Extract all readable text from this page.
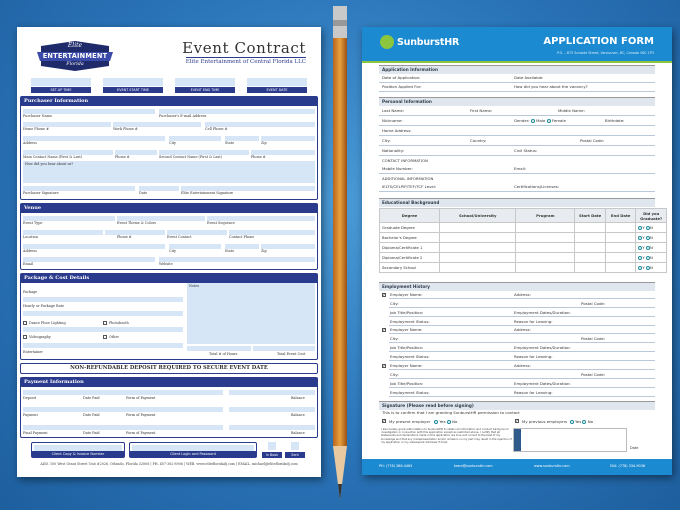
Elite
ENTERTAINMENT
Florida
Event Contract
Elite Entertainment of Central Florida LLC
SET-UP TIME	EVENT START TIME	EVENT END TIME	EVENT DATE
Purchaser Information
Purchaser Name	Purchaser's E-mail Address
Home Phone #	Work Phone #	Cell Phone #
Address	City	State	Zip
Main Contact Name (First & Last)	Phone #	Second Contact Name (First & Last)	Phone #
How did you hear about us?
Purchaser Signature	Date	Elite Entertainment Signature
Venue
Event Type	Event Theme & Colors	Event Sequence
Location	Phone #	Event Contact	Contact Phone
Address	City	State	Zip
Email	Website
Package & Cost Details
Package
Hourly or Package Rate
Dance Floor Lighting	Photobooth
Videography	Other
Entertainer
Notes
Total # of Hours	Total Event Cost
NON-REFUNDABLE DEPOSIT REQUIRED TO SECURE EVENT DATE
Payment Information
Deposit	Date Paid	Form of Payment	Balance
Payment	Date Paid	Form of Payment	Balance
Final Payment	Date Paid	Form of Payment	Balance
Client Copy & Invoice Number	Client Login and Password	In Book	Sent
ADD. 100 West Grant Street Unit #2026, Orlando, Florida 32806 | PH. 407-362-8906 | WEB. www.elitefloridadj.com | EMAIL. michael@elitefloridadj.com
SunburstHR	APPLICATION FORM
P.O. – 675 Sunside Street, Vancouver, BC, Canada V6C 1P3
Application Information
Date of Application:	Date Available:
Position Applied For:	How did you hear about the vacancy?
Personal Information
Last Name:	First Name:	Middle Name:
Nickname:	Gender: Male Female	Birthdate:
Home Address:
City:	Country:	Postal Code:
Nationality:	Civil Status:
CONTACT INFORMATION
Mobile Number:	Email:
ADDITIONAL INFORMATION
IELTS/CELPIP/TEF/TCF Level:	Certifications/Licenses:
Educational Background
Degree	School/University	Program	Start Date	End Date	Did you Graduate?
Graduate Degree					Y N
Bachelor's Degree					Y N
Diploma/Certificate 1					Y N
Diploma/Certificate 2					Y N
Secondary School					Y N
Employment History
✓
Employer Name:	Address:
City:	Postal Code:
Job Title/Position:	Employment Dates/Duration:
Employment Status:	Reason for Leaving:
✓
Employer Name:	Address:
City:	Postal Code:
Job Title/Position:	Employment Dates/Duration:
Employment Status:	Reason for Leaving:
✓
Employer Name:	Address:
City:	Postal Code:
Job Title/Position:	Employment Dates/Duration:
Employment Status:	Reason for Leaving:
Signature (Please read before signing)
This is to confirm that I am granting SunburstHR permission to contact
✓
My present employer Yes No ✓	My previous employers Yes No
I also hereby grant authorization to SunburstHR to obtain all information and conduct background investigation in connection with this application except as restricted above. I certify that all statements and declarations made in this application are true and correct to the best of my knowledge and that any misrepresentation and/or omission on my part may result in the rejection of my application or my subsequent dismissal if hired.
Date
PH: (778) 368-4463	team@sunbursthr.com	www.sunbursthr.com	FAX: (778) 334-9036
